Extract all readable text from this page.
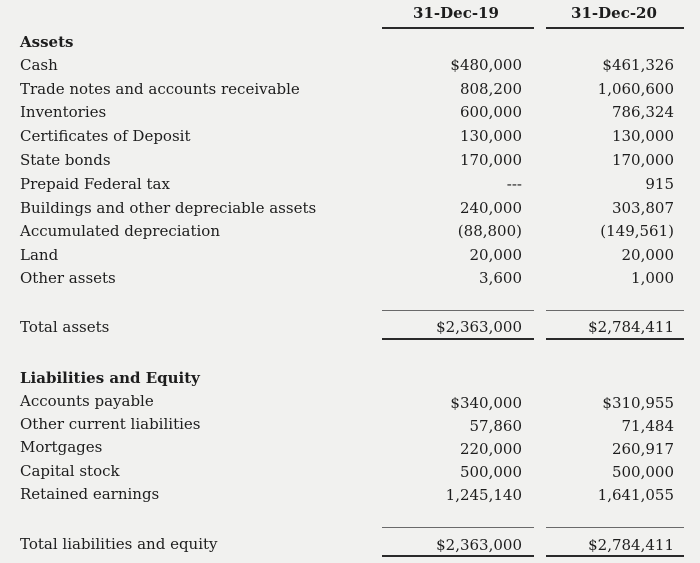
31-Dec-19	31-Dec-20
Assets
Cash	$480,000	$461,326
Trade notes and accounts receivable	808,200	1,060,600
Inventories	600,000	786,324
Certificates of Deposit	130,000	130,000
State bonds	170,000	170,000
Prepaid Federal tax	---	915
Buildings and other depreciable assets	240,000	303,807
Accumulated depreciation	(88,800)	(149,561)
Land	20,000	20,000
Other assets	3,600	1,000
Total assets	$2,363,000	$2,784,411
Liabilities and Equity
Accounts payable	$340,000	$310,955
Other current liabilities	57,860	71,484
Mortgages	220,000	260,917
Capital stock	500,000	500,000
Retained earnings	1,245,140	1,641,055
Total liabilities and equity	$2,363,000	$2,784,411
